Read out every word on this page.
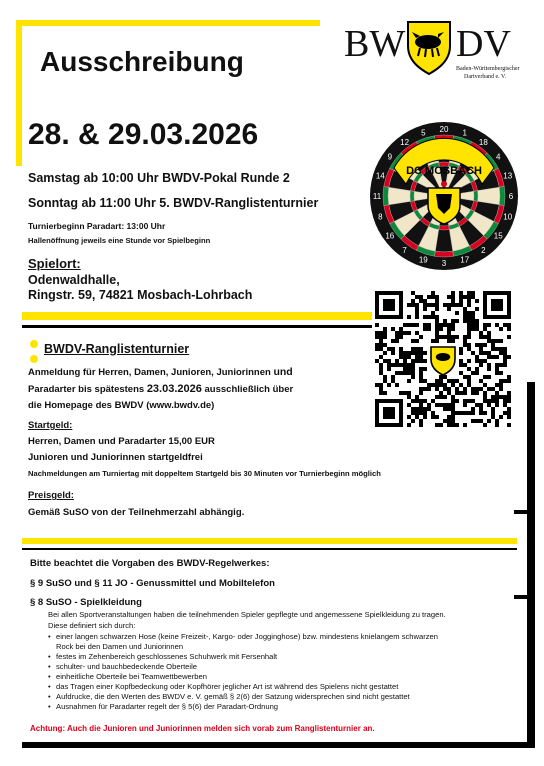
BW DV
Baden-Württembergischer
Dartverband e. V.
Ausschreibung
28. & 29.03.2026
Samstag ab 10:00 Uhr BWDV-Pokal Runde 2
Sonntag ab 11:00 Uhr 5. BWDV-Ranglistenturnier
Turnierbeginn Paradart: 13:00 Uhr
Hallenöffnung jeweils eine Stunde vor Spielbeginn
Spielort:
Odenwaldhalle,
Ringstr. 59, 74821 Mosbach-Lohrbach
20 1
18
4
13
6
10
15
2
17
3
19
7
16
8
11
14
9
12
5
DC MOSBACH
BWDV-Ranglistenturnier
Anmeldung für Herren, Damen, Junioren, Juniorinnen und
Paradarter bis spätestens 23.03.2026 ausschließlich über
die Homepage des BWDV (www.bwdv.de)
Startgeld:
Herren, Damen und Paradarter 15,00 EUR
Junioren und Juniorinnen startgeldfrei
Nachmeldungen am Turniertag mit doppeltem Startgeld bis 30 Minuten vor Turnierbeginn möglich
Preisgeld:
Gemäß SuSO von der Teilnehmerzahl abhängig.
Bitte beachtet die Vorgaben des BWDV-Regelwerkes:
§ 9 SuSO und § 11 JO - Genussmittel und Mobiltelefon
§ 8 SuSO - Spielkleidung
Bei allen Sportveranstaltungen haben die teilnehmenden Spieler gepflegte und angemessene Spielkleidung zu tragen.
Diese definiert sich durch:
• einer langen schwarzen Hose (keine Freizeit-, Kargo- oder Jogginghose) bzw. mindestens knielangem schwarzen
Rock bei den Damen und Juniorinnen
• festes im Zehenbereich geschlossenes Schuhwerk mit Fersenhalt
• schulter- und bauchbedeckende Oberteile
• einheitliche Oberteile bei Teamwettbewerben
• das Tragen einer Kopfbedeckung oder Kopfhörer jeglicher Art ist während des Spielens nicht gestattet
• Aufdrucke, die den Werten des BWDV e. V. gemäß § 2(6) der Satzung widersprechen sind nicht gestattet
• Ausnahmen für Paradarter regelt der § 5(6) der Paradart-Ordnung
Achtung: Auch die Junioren und Juniorinnen melden sich vorab zum Ranglistenturnier an.
